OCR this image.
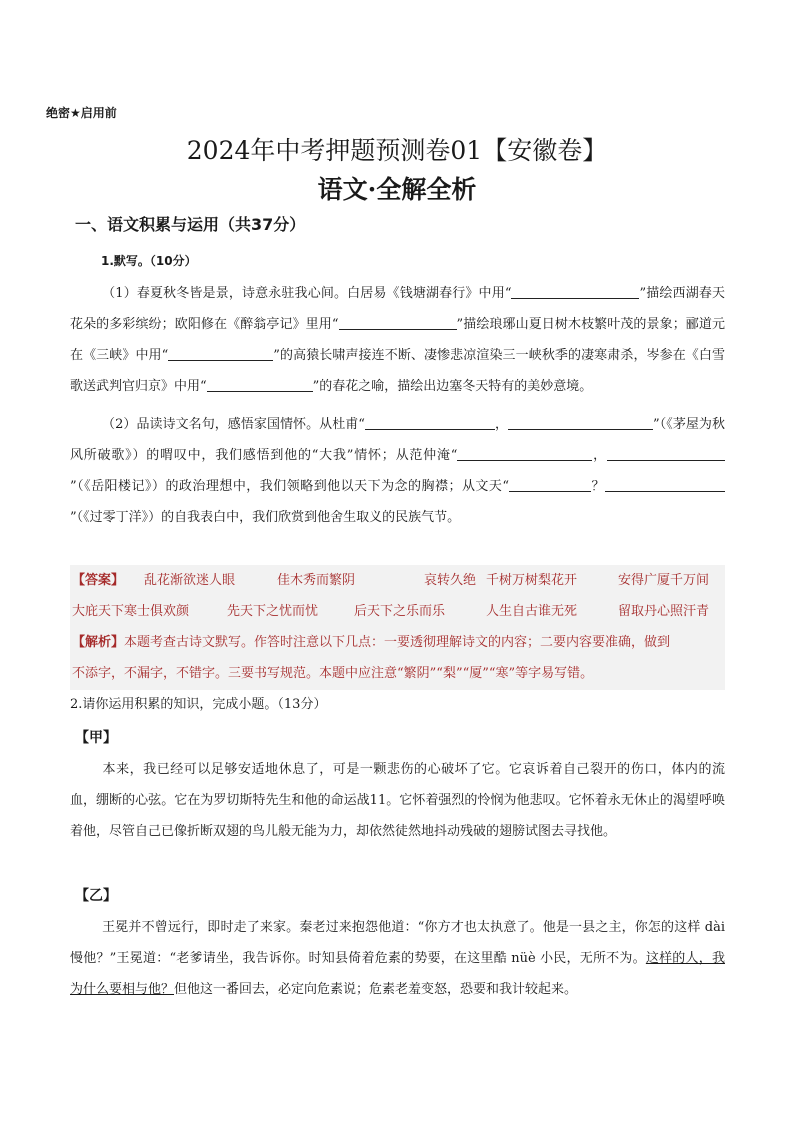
绝密★启用前
2024年中考押题预测卷01【安徽卷】
语文·全解全析
一、语文积累与运用（共37分）
1.默写。（10分）
（1）春夏秋冬皆是景，诗意永驻我心间。白居易《钱塘湖春行》中用“	”描绘西湖春天花朵的多彩缤纷；欧阳修在《醉翁亭记》里用“	”描绘琅琊山夏日树木枝繁叶茂的景象；郦道元在《三峡》中用“	”的高猿长啸声接连不断、凄惨悲凉渲染三一峡秋季的凄寒肃杀，岑参在《白雪歌送武判官归京》中用“	”的春花之喻，描绘出边塞冬天特有的美妙意境。
（2）品读诗文名句，感悟家国情怀。从杜甫“	，	”（《茅屋为秋风所破歌》）的喟叹中，我们感悟到他的“大我”情怀；从范仲淹“	，”（《岳阳楼记》）的政治理想中，我们领略到他以天下为念的胸襟；从文天“	？”（《过零丁洋》）的自我表白中，我们欣赏到他舍生取义的民族气节。
【答案】 乱花渐欲迷人眼	佳木秀而繁阴	哀转久绝 千树万树梨花开	安得广厦千万间
大庇天下寒士俱欢颜	先天下之忧而忧	后天下之乐而乐	人生自古谁无死	留取丹心照汗青
【解析】本题考查古诗文默写。作答时注意以下几点：一要透彻理解诗文的内容；二要内容要准确，做到
不添字，不漏字，不错字。三要书写规范。本题中应注意“繁阴”“梨”“厦”“寒”等字易写错。
2.请你运用积累的知识，完成小题。（13分）
【甲】
本来，我已经可以足够安适地休息了，可是一颗悲伤的心破坏了它。它哀诉着自己裂开的伤口，体内的流血，绷断的心弦。它在为罗切斯特先生和他的命运战11。它怀着强烈的怜悯为他悲叹。它怀着永无休止的渴望呼唤着他，尽管自己已像折断双翅的鸟儿般无能为力，却依然徒然地抖动残破的翅膀试图去寻找他。
【乙】
王冕并不曾远行，即时走了来家。秦老过来抱怨他道：“你方才也太执意了。他是一县之主，你怎的这样 dài 慢他？”王冕道：“老爹请坐，我告诉你。时知县倚着危素的势要，在这里酷 nüè 小民，无所不为。这样的人，我为什么要相与他？但他这一番回去，必定向危素说；危素老羞变怒，恐要和我计较起来。
